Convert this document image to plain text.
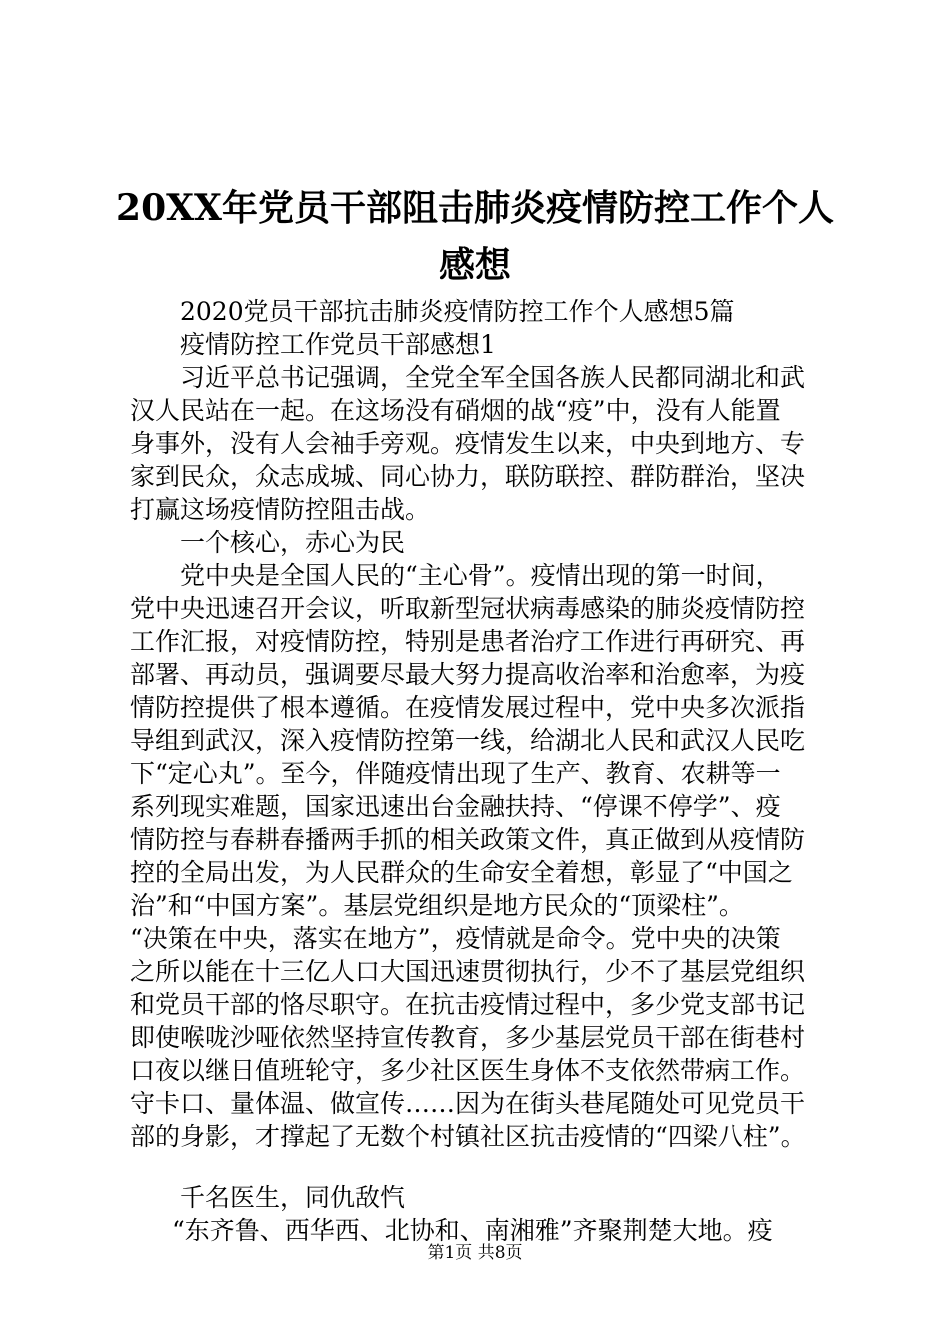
20XX年党员干部阻击肺炎疫情防控工作个人
感想
2020党员干部抗击肺炎疫情防控工作个人感想5篇
疫情防控工作党员干部感想1
习近平总书记强调，全党全军全国各族人民都同湖北和武
汉人民站在一起。在这场没有硝烟的战“疫”中，没有人能置
身事外，没有人会袖手旁观。疫情发生以来，中央到地方、专
家到民众，众志成城、同心协力，联防联控、群防群治，坚决
打赢这场疫情防控阻击战。
一个核心，赤心为民
党中央是全国人民的“主心骨”。疫情出现的第一时间，
党中央迅速召开会议，听取新型冠状病毒感染的肺炎疫情防控
工作汇报，对疫情防控，特别是患者治疗工作进行再研究、再
部署、再动员，强调要尽最大努力提高收治率和治愈率，为疫
情防控提供了根本遵循。在疫情发展过程中，党中央多次派指
导组到武汉，深入疫情防控第一线，给湖北人民和武汉人民吃
下“定心丸”。至今，伴随疫情出现了生产、教育、农耕等一
系列现实难题，国家迅速出台金融扶持、“停课不停学”、疫
情防控与春耕春播两手抓的相关政策文件，真正做到从疫情防
控的全局出发，为人民群众的生命安全着想，彰显了“中国之
治”和“中国方案”。基层党组织是地方民众的“顶梁柱”。
“决策在中央，落实在地方”，疫情就是命令。党中央的决策
之所以能在十三亿人口大国迅速贯彻执行，少不了基层党组织
和党员干部的恪尽职守。在抗击疫情过程中，多少党支部书记
即使喉咙沙哑依然坚持宣传教育，多少基层党员干部在街巷村
口夜以继日值班轮守，多少社区医生身体不支依然带病工作。
守卡口、量体温、做宣传……因为在街头巷尾随处可见党员干
部的身影，才撑起了无数个村镇社区抗击疫情的“四梁八柱”。
千名医生，同仇敌忾
“东齐鲁、西华西、北协和、南湘雅”齐聚荆楚大地。疫
第1页 共8页
